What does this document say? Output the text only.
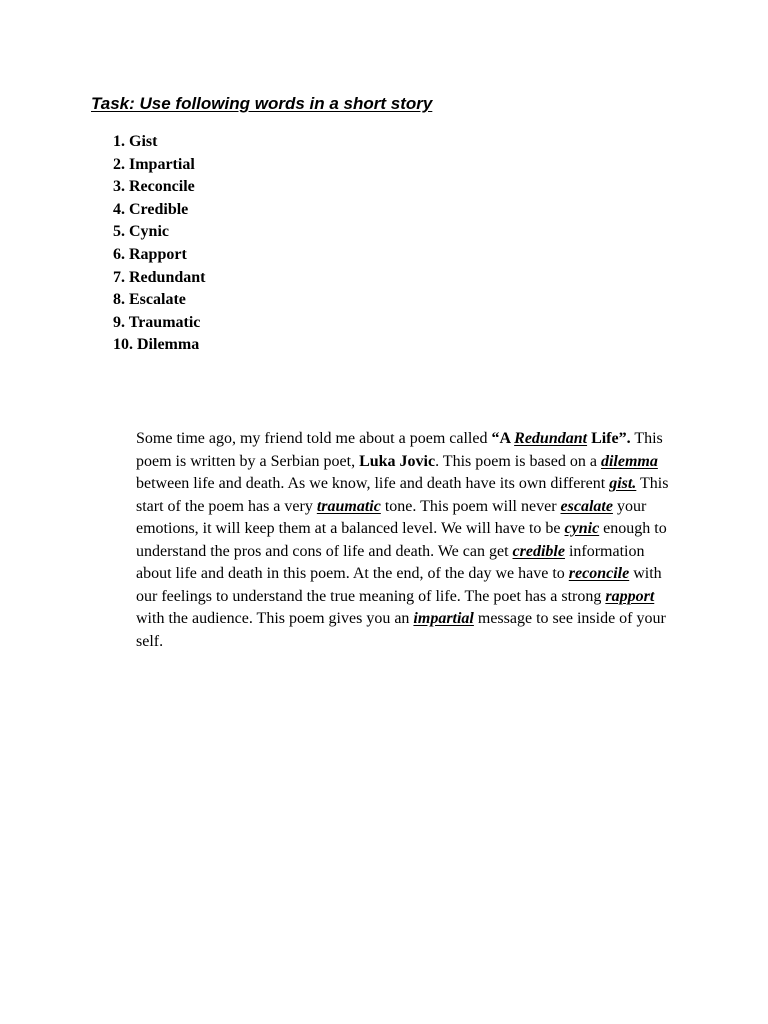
Task: Use following words in a short story
1. Gist
2. Impartial
3. Reconcile
4. Credible
5. Cynic
6. Rapport
7. Redundant
8. Escalate
9. Traumatic
10. Dilemma

Some time ago, my friend told me about a poem called “A Redundant Life”. This poem is written by a Serbian poet, Luka Jovic. This poem is based on a dilemma between life and death. As we know, life and death have its own different gist. This start of the poem has a very traumatic tone. This poem will never escalate your emotions, it will keep them at a balanced level. We will have to be cynic enough to understand the pros and cons of life and death. We can get credible information about life and death in this poem. At the end, of the day we have to reconcile with our feelings to understand the true meaning of life. The poet has a strong rapport with the audience. This poem gives you an impartial message to see inside of your self.
